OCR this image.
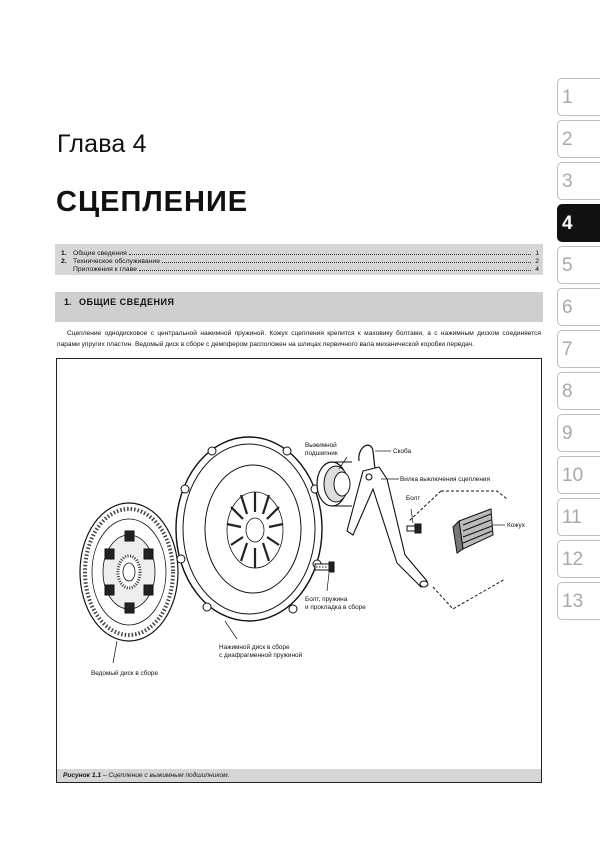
Глава 4
СЦЕПЛЕНИЕ
1. Общие сведения	1
2. Техническое обслуживание	2
Приложения к главе	4
1. ОБЩИЕ СВЕДЕНИЯ
Сцепление однодисковое с центральной нажимной пружиной. Кожух сцепления крепится к маховику болтами, а с нажимным диском соединяется парами упругих пластин. Ведомый диск в сборе с демпфером расположен на шлицах первичного вала механической коробки передач.
Выжимной
подшипник	Скоба
Вилка выключения сцепления
Болт
Кожух
Болт, пружина
и прокладка в сборе
Нажимной диск в сборе
с диафрагменной пружиной
Ведомый диск в сборе
Рисунок 1.1 – Сцепление с выжимным подшипником.
1
2
3
4
5
6
7
8
9
10
11
12
13
